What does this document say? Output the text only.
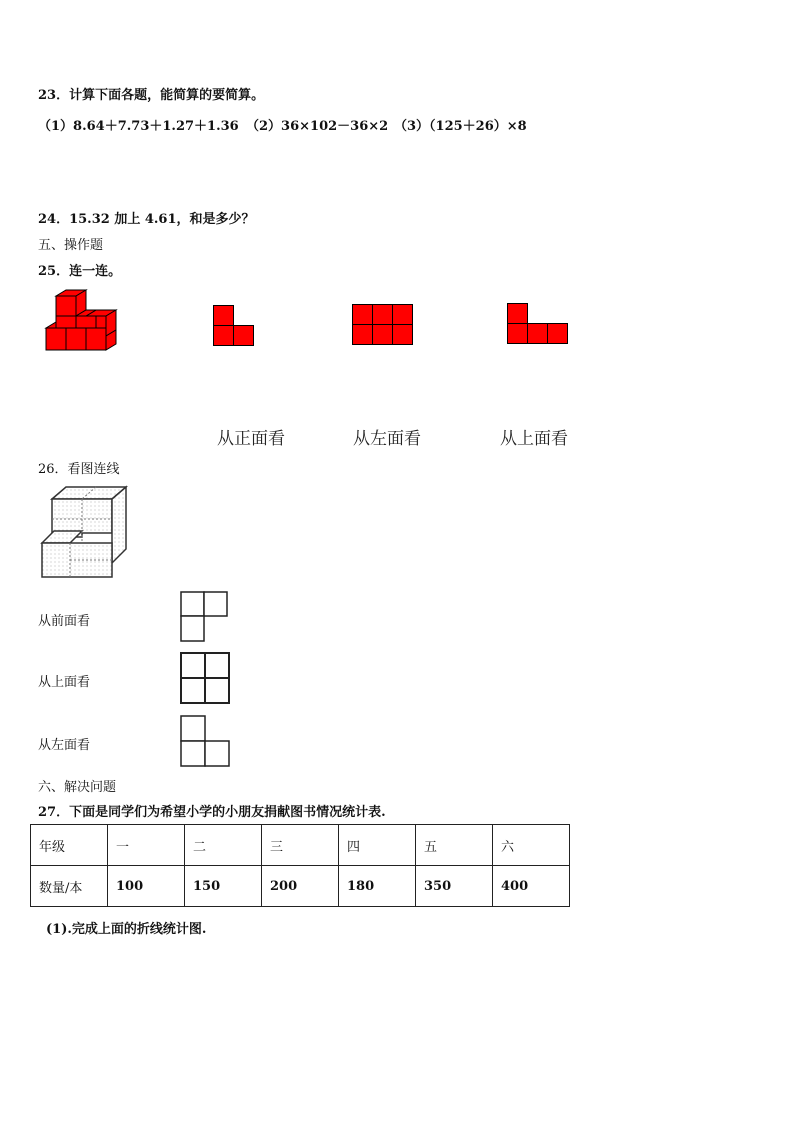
23．计算下面各题，能简算的要简算。
（1）8.64＋7.73＋1.27＋1.36 （2）36×102－36×2 （3）（125＋26）×8
24．15.32 加上 4.61，和是多少？
五、操作题
25．连一连。
从正面看	从左面看	从上面看
26．看图连线
从前面看
从上面看
从左面看
六、解决问题
27．下面是同学们为希望小学的小朋友捐献图书情况统计表.
年级	一	二	三	四	五	六
数量/本	100	150	200	180	350	400
(1).完成上面的折线统计图.
